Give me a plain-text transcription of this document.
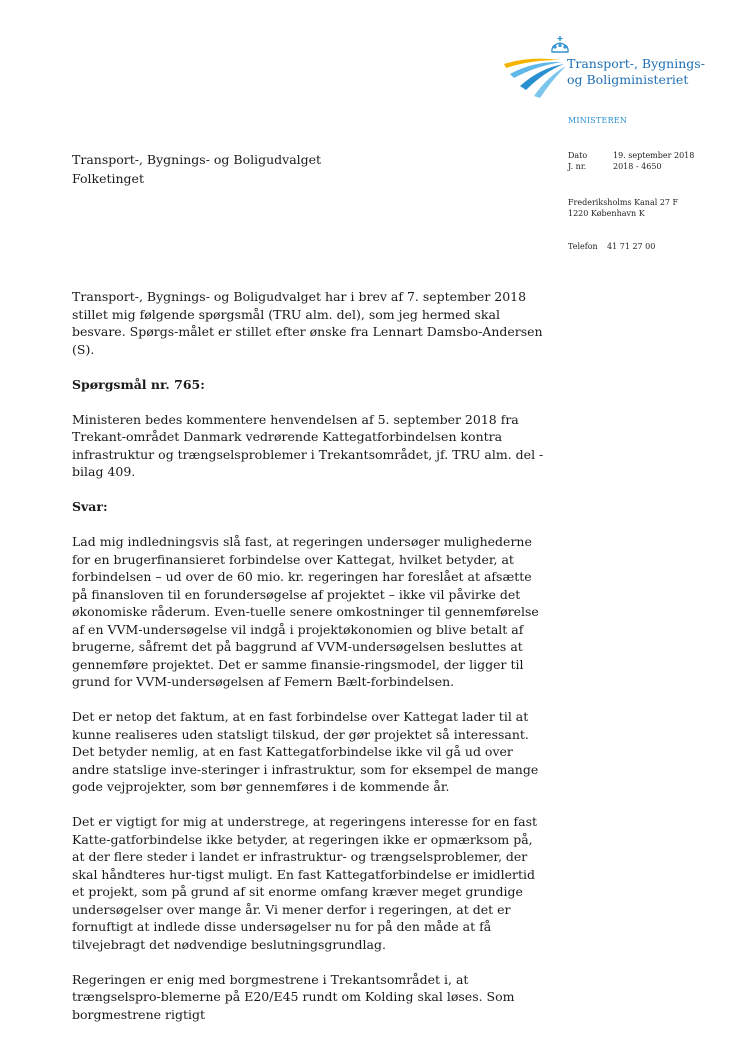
Transport-, Bygnings-
og Boligministeriet
MINISTEREN
Transport-, Bygnings- og Boligudvalget
Folketinget
Dato	19. september 2018
J. nr.	2018 - 4650
Frederiksholms Kanal 27 F
1220 København K
Telefon	41 71 27 00

Transport-, Bygnings- og Boligudvalget har i brev af 7. september 2018 stillet mig følgende spørgsmål (TRU alm. del), som jeg hermed skal besvare. Spørgs-målet er stillet efter ønske fra Lennart Damsbo-Andersen (S).

Spørgsmål nr. 765:

Ministeren bedes kommentere henvendelsen af 5. september 2018 fra Trekant-området Danmark vedrørende Kattegatforbindelsen kontra infrastruktur og trængselsproblemer i Trekantsområdet, jf. TRU alm. del - bilag 409.

Svar:

Lad mig indledningsvis slå fast, at regeringen undersøger mulighederne for en brugerfinansieret forbindelse over Kattegat, hvilket betyder, at forbindelsen – ud over de 60 mio. kr. regeringen har foreslået at afsætte på finansloven til en forundersøgelse af projektet – ikke vil påvirke det økonomiske råderum. Even-tuelle senere omkostninger til gennemførelse af en VVM-undersøgelse vil indgå i projektøkonomien og blive betalt af brugerne, såfremt det på baggrund af VVM-undersøgelsen besluttes at gennemføre projektet. Det er samme finansie-ringsmodel, der ligger til grund for VVM-undersøgelsen af Femern Bælt-forbindelsen.

Det er netop det faktum, at en fast forbindelse over Kattegat lader til at kunne realiseres uden statsligt tilskud, der gør projektet så interessant. Det betyder nemlig, at en fast Kattegatforbindelse ikke vil gå ud over andre statslige inve-steringer i infrastruktur, som for eksempel de mange gode vejprojekter, som bør gennemføres i de kommende år.

Det er vigtigt for mig at understrege, at regeringens interesse for en fast Katte-gatforbindelse ikke betyder, at regeringen ikke er opmærksom på, at der flere steder i landet er infrastruktur- og trængselsproblemer, der skal håndteres hur-tigst muligt. En fast Kattegatforbindelse er imidlertid et projekt, som på grund af sit enorme omfang kræver meget grundige undersøgelser over mange år. Vi mener derfor i regeringen, at det er fornuftigt at indlede disse undersøgelser nu for på den måde at få tilvejebragt det nødvendige beslutningsgrundlag.

Regeringen er enig med borgmestrene i Trekantsområdet i, at trængselspro-blemerne på E20/E45 rundt om Kolding skal løses. Som borgmestrene rigtigt
